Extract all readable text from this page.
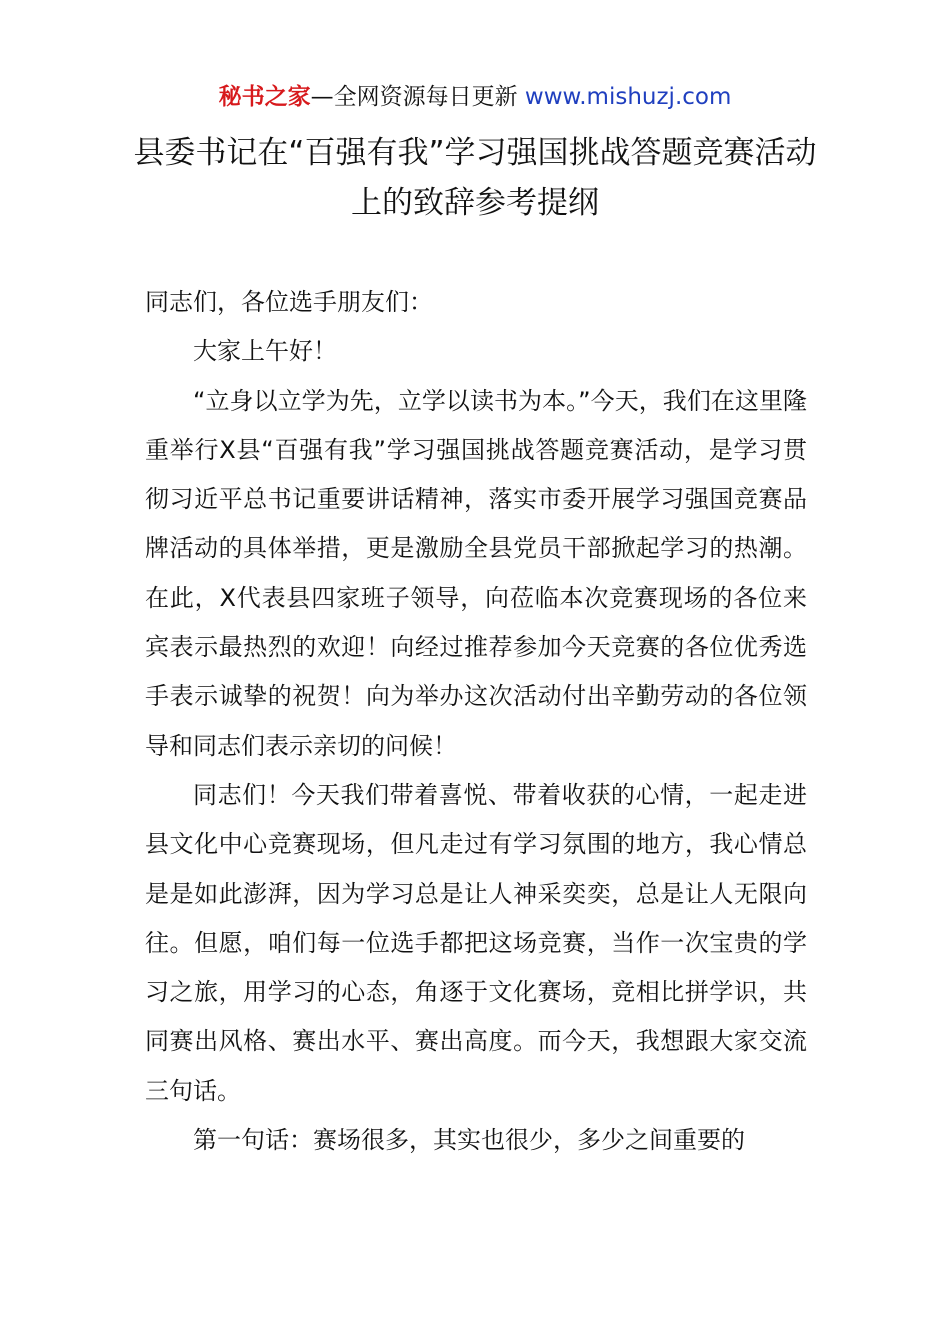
秘书之家—全网资源每日更新 www.mishuzj.com
县委书记在“百强有我”学习强国挑战答题竞赛活动上的致辞参考提纲

同志们，各位选手朋友们：

大家上午好！

“立身以立学为先，立学以读书为本。”今天，我们在这里隆重举行X县“百强有我”学习强国挑战答题竞赛活动，是学习贯彻习近平总书记重要讲话精神，落实市委开展学习强国竞赛品牌活动的具体举措，更是激励全县党员干部掀起学习的热潮。在此，X代表县四家班子领导，向莅临本次竞赛现场的各位来宾表示最热烈的欢迎！向经过推荐参加今天竞赛的各位优秀选手表示诚挚的祝贺！向为举办这次活动付出辛勤劳动的各位领导和同志们表示亲切的问候！

同志们！今天我们带着喜悦、带着收获的心情，一起走进县文化中心竞赛现场，但凡走过有学习氛围的地方，我心情总是是如此澎湃，因为学习总是让人神采奕奕，总是让人无限向往。但愿，咱们每一位选手都把这场竞赛，当作一次宝贵的学习之旅，用学习的心态，角逐于文化赛场，竞相比拼学识，共同赛出风格、赛出水平、赛出高度。而今天，我想跟大家交流三句话。

第一句话：赛场很多，其实也很少，多少之间重要的
